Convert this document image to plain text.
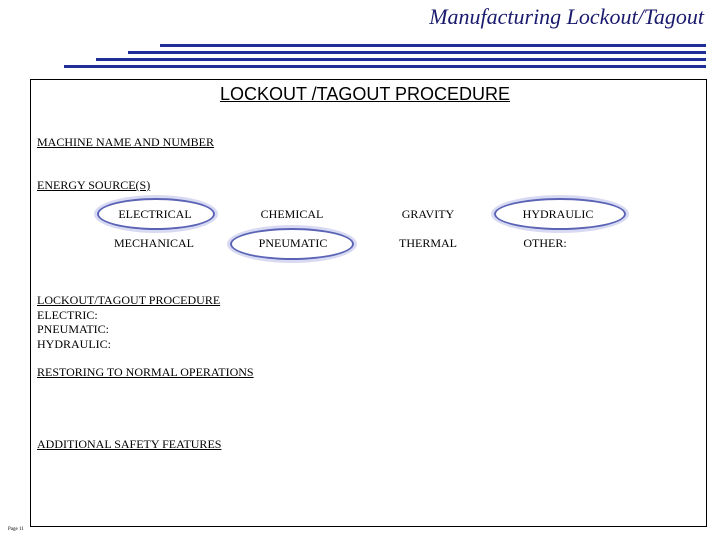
Manufacturing Lockout/Tagout
LOCKOUT /TAGOUT PROCEDURE
MACHINE NAME AND NUMBER
ENERGY SOURCE(S)
ELECTRICAL	CHEMICAL	GRAVITY	HYDRAULIC
MECHANICAL	PNEUMATIC	THERMAL	OTHER:
LOCKOUT/TAGOUT PROCEDURE
ELECTRIC:
PNEUMATIC:
HYDRAULIC:
RESTORING TO NORMAL OPERATIONS
ADDITIONAL SAFETY FEATURES
Page 11
